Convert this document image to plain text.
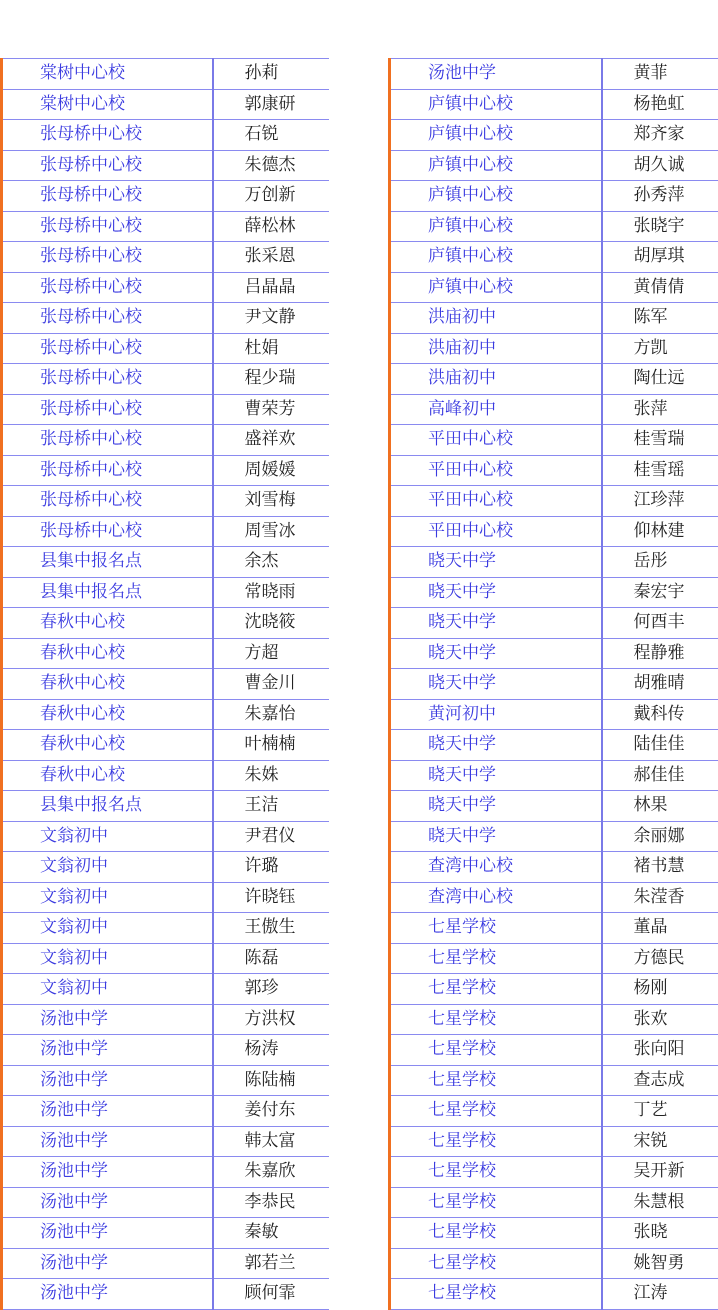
棠树中心校	孙莉
棠树中心校	郭康研
张母桥中心校	石锐
张母桥中心校	朱德杰
张母桥中心校	万创新
张母桥中心校	薛松林
张母桥中心校	张采恩
张母桥中心校	吕晶晶
张母桥中心校	尹文静
张母桥中心校	杜娟
张母桥中心校	程少瑞
张母桥中心校	曹荣芳
张母桥中心校	盛祥欢
张母桥中心校	周媛媛
张母桥中心校	刘雪梅
张母桥中心校	周雪冰
县集中报名点	余杰
县集中报名点	常晓雨
春秋中心校	沈晓筱
春秋中心校	方超
春秋中心校	曹金川
春秋中心校	朱嘉怡
春秋中心校	叶楠楠
春秋中心校	朱姝
县集中报名点	王洁
文翁初中	尹君仪
文翁初中	许璐
文翁初中	许晓钰
文翁初中	王傲生
文翁初中	陈磊
文翁初中	郭珍
汤池中学	方洪权
汤池中学	杨涛
汤池中学	陈陆楠
汤池中学	姜付东
汤池中学	韩太富
汤池中学	朱嘉欣
汤池中学	李恭民
汤池中学	秦敏
汤池中学	郭若兰
汤池中学	顾何霏
汤池中学	黄菲
庐镇中心校	杨艳虹
庐镇中心校	郑齐家
庐镇中心校	胡久诚
庐镇中心校	孙秀萍
庐镇中心校	张晓宇
庐镇中心校	胡厚琪
庐镇中心校	黄倩倩
洪庙初中	陈军
洪庙初中	方凯
洪庙初中	陶仕远
高峰初中	张萍
平田中心校	桂雪瑞
平田中心校	桂雪瑶
平田中心校	江珍萍
平田中心校	仰林建
晓天中学	岳彤
晓天中学	秦宏宇
晓天中学	何酉丰
晓天中学	程静雅
晓天中学	胡雅晴
黄河初中	戴科传
晓天中学	陆佳佳
晓天中学	郝佳佳
晓天中学	林果
晓天中学	余丽娜
查湾中心校	褚书慧
查湾中心校	朱滢香
七星学校	董晶
七星学校	方德民
七星学校	杨刚
七星学校	张欢
七星学校	张向阳
七星学校	查志成
七星学校	丁艺
七星学校	宋锐
七星学校	吴开新
七星学校	朱慧根
七星学校	张晓
七星学校	姚智勇
七星学校	江涛
